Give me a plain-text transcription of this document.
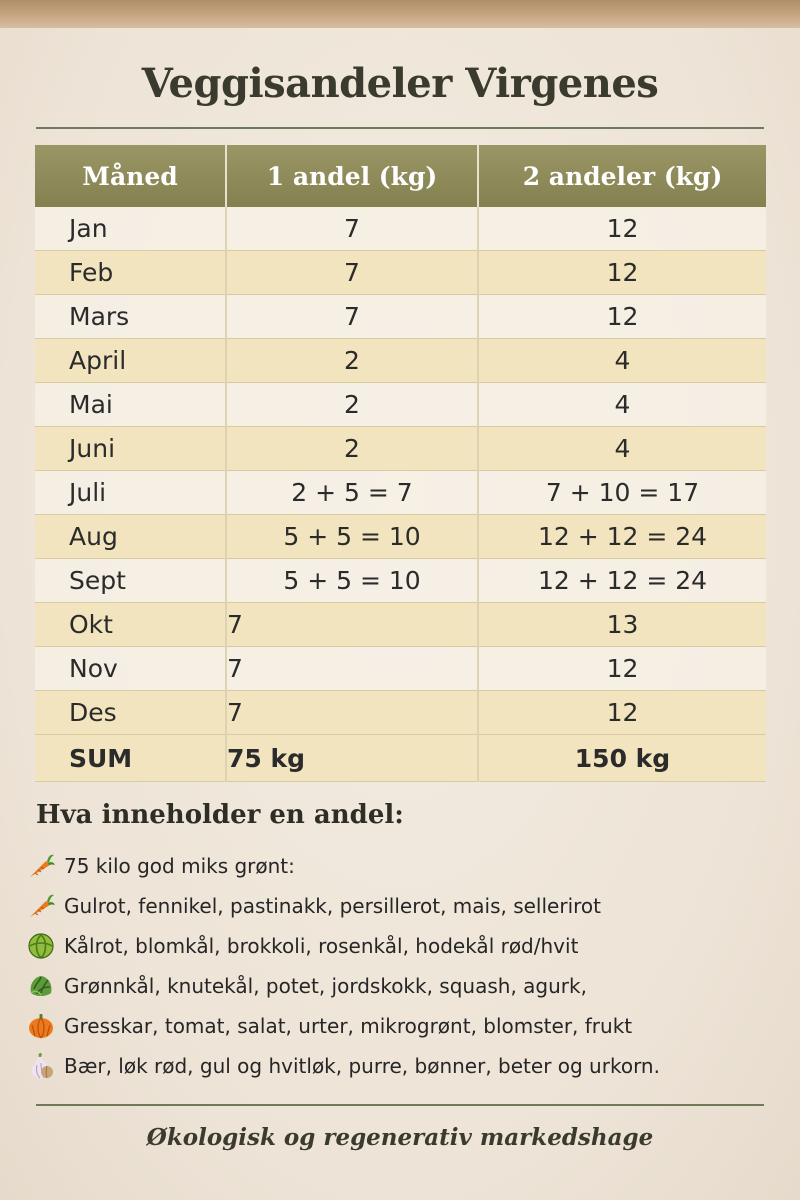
Veggisandeler Virgenes
Måned	1 andel (kg)	2 andeler (kg)
Jan	7	12
Feb	7	12
Mars	7	12
April	2	4
Mai	2	4
Juni	2	4
Juli	2 + 5 = 7	7 + 10 = 17
Aug	5 + 5 = 10	12 + 12 = 24
Sept	5 + 5 = 10	12 + 12 = 24
Okt	7	13
Nov	7	12
Des	7	12
SUM	75 kg	150 kg
Hva inneholder en andel:
75 kilo god miks grønt:
Gulrot, fennikel, pastinakk, persillerot, mais, sellerirot
Kålrot, blomkål, brokkoli, rosenkål, hodekål rød/hvit
Grønnkål, knutekål, potet, jordskokk, squash, agurk,
Gresskar, tomat, salat, urter, mikrogrønt, blomster, frukt
Bær, løk rød, gul og hvitløk, purre, bønner, beter og urkorn.
Økologisk og regenerativ markedshage
